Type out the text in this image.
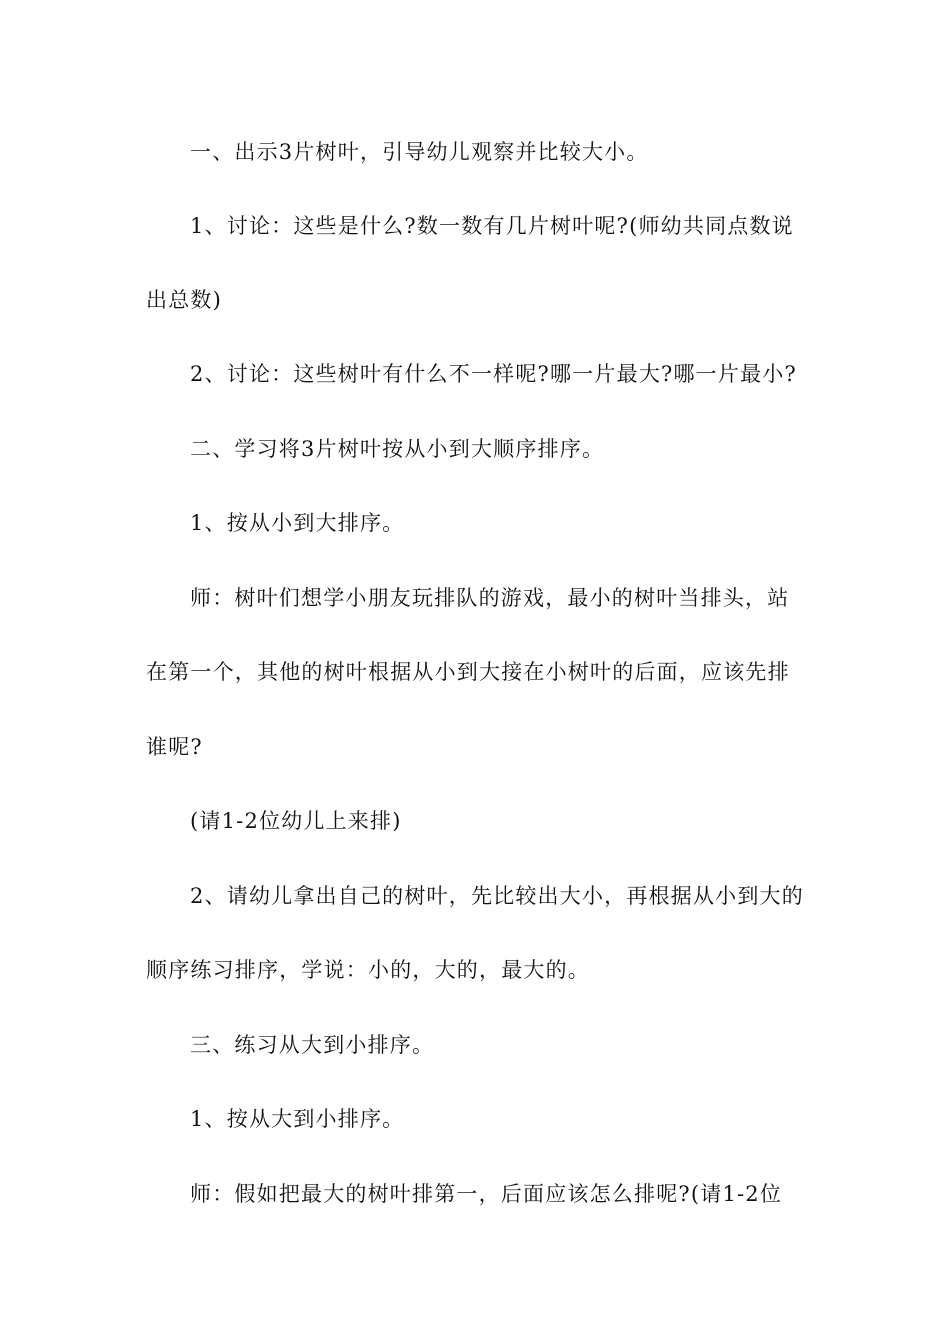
一、出示3片树叶，引导幼儿观察并比较大小。
1、讨论：这些是什么?数一数有几片树叶呢?(师幼共同点数说
出总数)
2、讨论：这些树叶有什么不一样呢?哪一片最大?哪一片最小?
二、学习将3片树叶按从小到大顺序排序。
1、按从小到大排序。
师：树叶们想学小朋友玩排队的游戏，最小的树叶当排头，站
在第一个，其他的树叶根据从小到大接在小树叶的后面，应该先排
谁呢?
(请1-2位幼儿上来排)
2、请幼儿拿出自己的树叶，先比较出大小，再根据从小到大的
顺序练习排序，学说：小的，大的，最大的。
三、练习从大到小排序。
1、按从大到小排序。
师：假如把最大的树叶排第一，后面应该怎么排呢?(请1-2位
